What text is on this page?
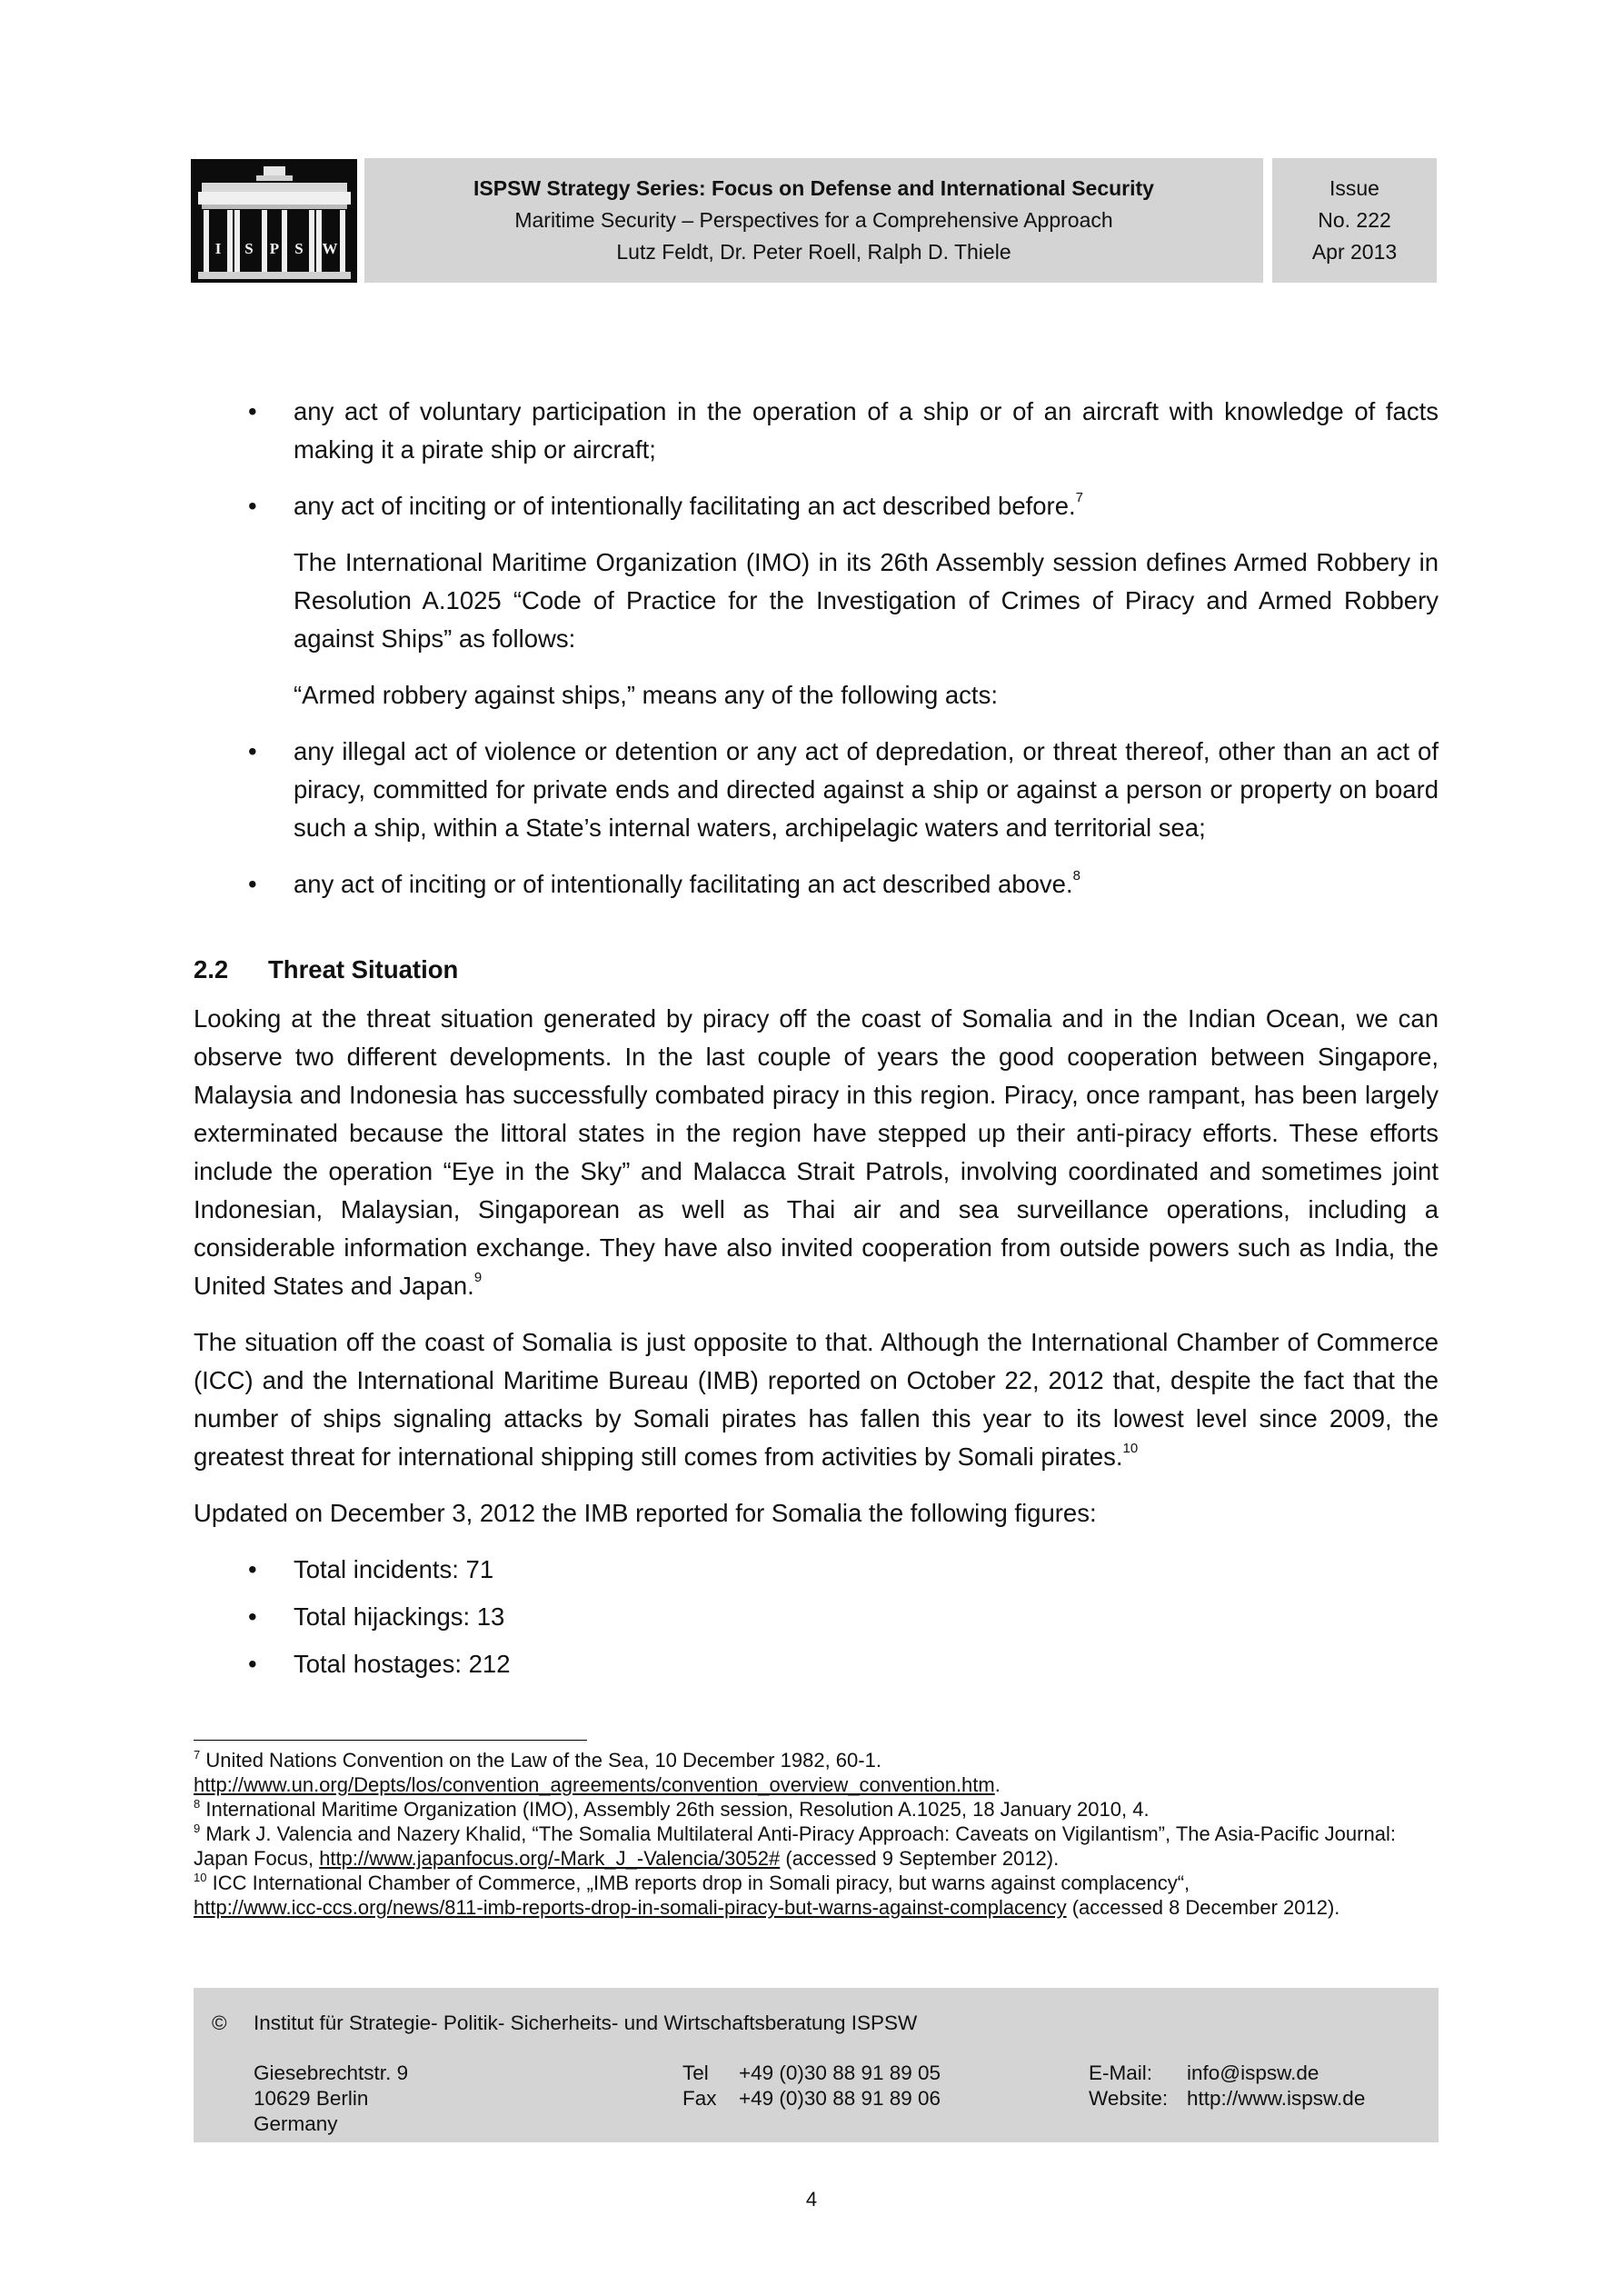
I S P S W
ISPSW Strategy Series: Focus on Defense and International Security
Maritime Security – Perspectives for a Comprehensive Approach
Lutz Feldt, Dr. Peter Roell, Ralph D. Thiele
Issue
No. 222
Apr 2013
• any act of voluntary participation in the operation of a ship or of an aircraft with knowledge of facts making it a pirate ship or aircraft;
• any act of inciting or of intentionally facilitating an act described before.$^7$

The International Maritime Organization (IMO) in its 26th Assembly session defines Armed Robbery in Resolution A.1025 “Code of Practice for the Investigation of Crimes of Piracy and Armed Robbery against Ships” as follows:

“Armed robbery against ships,” means any of the following acts:

• any illegal act of violence or detention or any act of depredation, or threat thereof, other than an act of piracy, committed for private ends and directed against a ship or against a person or property on board such a ship, within a State’s internal waters, archipelagic waters and territorial sea;
• any act of inciting or of intentionally facilitating an act described above.$^8$
2.2 Threat Situation

Looking at the threat situation generated by piracy off the coast of Somalia and in the Indian Ocean, we can observe two different developments. In the last couple of years the good cooperation between Singapore, Malaysia and Indonesia has successfully combated piracy in this region. Piracy, once rampant, has been largely exterminated because the littoral states in the region have stepped up their anti-piracy efforts. These efforts include the operation “Eye in the Sky” and Malacca Strait Patrols, involving coordinated and sometimes joint Indonesian, Malaysian, Singaporean as well as Thai air and sea surveillance operations, including a considerable information exchange. They have also invited cooperation from outside powers such as India, the United States and Japan.$^9$

The situation off the coast of Somalia is just opposite to that. Although the International Chamber of Commerce (ICC) and the International Maritime Bureau (IMB) reported on October 22, 2012 that, despite the fact that the number of ships signaling attacks by Somali pirates has fallen this year to its lowest level since 2009, the greatest threat for international shipping still comes from activities by Somali pirates.$^{10}$

Updated on December 3, 2012 the IMB reported for Somalia the following figures:

• Total incidents: 71
• Total hijackings: 13
• Total hostages: 212

$^7$ United Nations Convention on the Law of the Sea, 10 December 1982, 60-1.
http://www.un.org/Depts/los/convention_agreements/convention_overview_convention.htm.

$^8$ International Maritime Organization (IMO), Assembly 26th session, Resolution A.1025, 18 January 2010, 4.

$^9$ Mark J. Valencia and Nazery Khalid, “The Somalia Multilateral Anti-Piracy Approach: Caveats on Vigilantism”, The Asia-Pacific Journal: Japan Focus, http://www.japanfocus.org/-Mark_J_-Valencia/3052# (accessed 9 September 2012).

$^{10}$ ICC International Chamber of Commerce, „IMB reports drop in Somali piracy, but warns against complacency“,
http://www.icc-ccs.org/news/811-imb-reports-drop-in-somali-piracy-but-warns-against-complacency (accessed 8 December 2012).

© Institut für Strategie- Politik- Sicherheits- und Wirtschaftsberatung ISPSW
Giesebrechtstr. 9
10629 Berlin
Germany
Tel +49 (0)30 88 91 89 05
Fax +49 (0)30 88 91 89 06
E-Mail: info@ispsw.de
Website: http://www.ispsw.de
4
